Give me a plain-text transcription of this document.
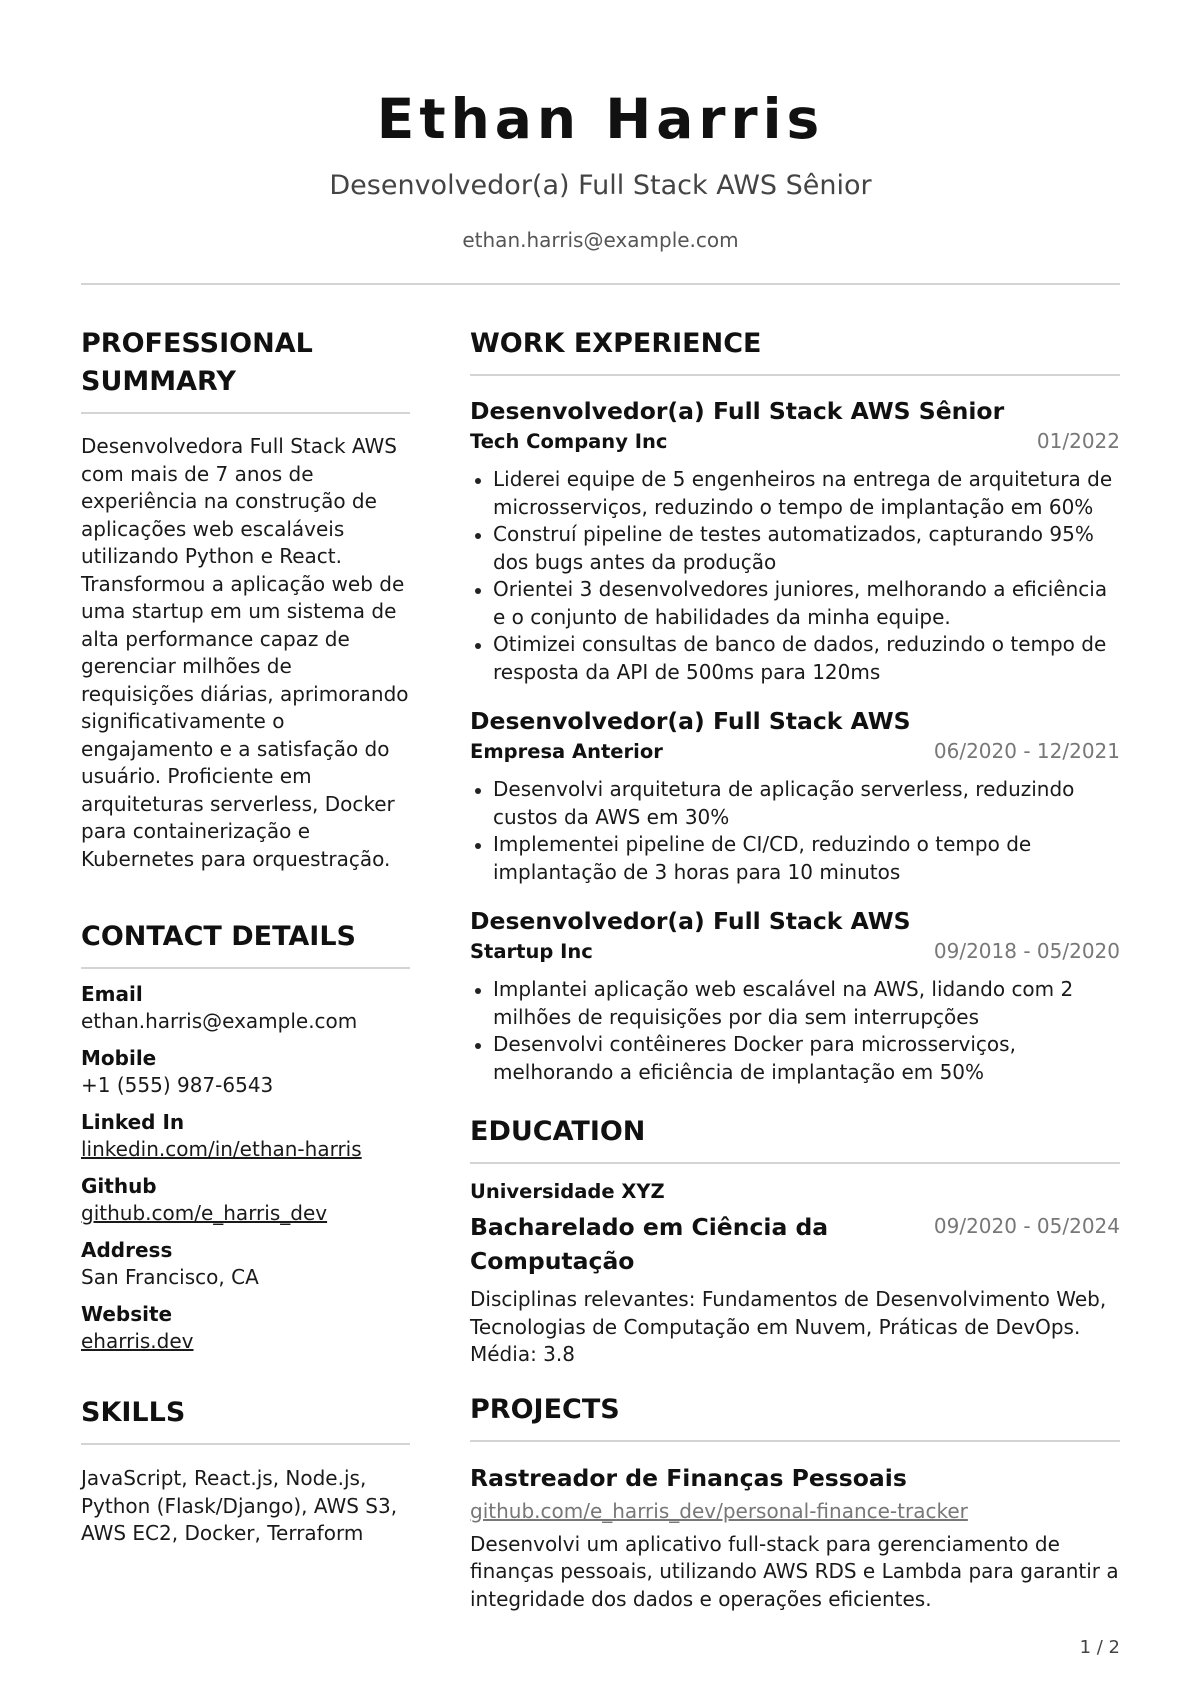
Ethan Harris
Desenvolvedor(a) Full Stack AWS Sênior
ethan.harris@example.com
PROFESSIONAL
SUMMARY
Desenvolvedora Full Stack AWS com mais de 7 anos de experiência na construção de aplicações web escaláveis utilizando Python e React. Transformou a aplicação web de uma startup em um sistema de alta performance capaz de gerenciar milhões de requisições diárias, aprimorando significativamente o engajamento e a satisfação do usuário. Proficiente em arquiteturas serverless, Docker para containerização e Kubernetes para orquestração.
CONTACT DETAILS
Email
ethan.harris@example.com
Mobile
+1 (555) 987-6543
Linked In
linkedin.com/in/ethan-harris
Github
github.com/e_harris_dev
Address
San Francisco, CA
Website
eharris.dev
SKILLS
JavaScript, React.js, Node.js, Python (Flask/Django), AWS S3, AWS EC2, Docker, Terraform
WORK EXPERIENCE
Desenvolvedor(a) Full Stack AWS Sênior
Tech Company Inc	01/2022
Liderei equipe de 5 engenheiros na entrega de arquitetura de microsserviços, reduzindo o tempo de implantação em 60%
Construí pipeline de testes automatizados, capturando 95% dos bugs antes da produção
Orientei 3 desenvolvedores juniores, melhorando a eficiência e o conjunto de habilidades da minha equipe.
Otimizei consultas de banco de dados, reduzindo o tempo de resposta da API de 500ms para 120ms
Desenvolvedor(a) Full Stack AWS
Empresa Anterior	06/2020 - 12/2021
Desenvolvi arquitetura de aplicação serverless, reduzindo custos da AWS em 30%
Implementei pipeline de CI/CD, reduzindo o tempo de implantação de 3 horas para 10 minutos
Desenvolvedor(a) Full Stack AWS
Startup Inc	09/2018 - 05/2020
Implantei aplicação web escalável na AWS, lidando com 2 milhões de requisições por dia sem interrupções
Desenvolvi contêineres Docker para microsserviços, melhorando a eficiência de implantação em 50%
EDUCATION
Universidade XYZ
Bacharelado em Ciência da Computação
09/2020 - 05/2024
Disciplinas relevantes: Fundamentos de Desenvolvimento Web, Tecnologias de Computação em Nuvem, Práticas de DevOps. Média: 3.8
PROJECTS
Rastreador de Finanças Pessoais
github.com/e_harris_dev/personal-finance-tracker
Desenvolvi um aplicativo full-stack para gerenciamento de finanças pessoais, utilizando AWS RDS e Lambda para garantir a integridade dos dados e operações eficientes.
1 / 2
